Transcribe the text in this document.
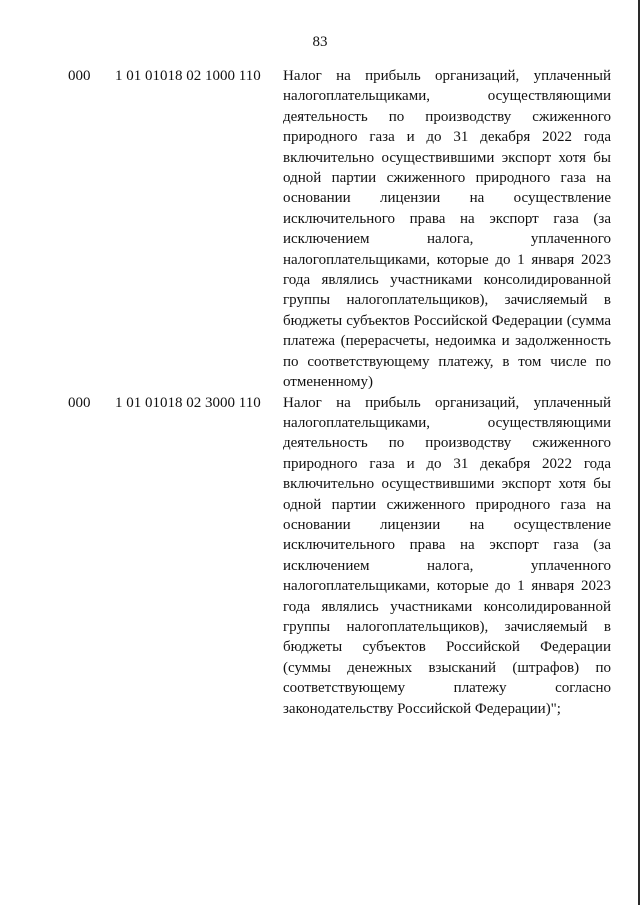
83
000 1 01 01018 02 1000 110 Налог на прибыль организаций, уплаченный налогоплательщиками, осуществляющими деятельность по производству сжиженного природного газа и до 31 декабря 2022 года включительно осуществившими экспорт хотя бы одной партии сжиженного природного газа на основании лицензии на осуществление исключительного права на экспорт газа (за исключением налога, уплаченного налогоплательщиками, которые до 1 января 2023 года являлись участниками консолидированной группы налогоплательщиков), зачисляемый в бюджеты субъектов Российской Федерации (сумма платежа (перерасчеты, недоимка и задолженность по соответствующему платежу, в том числе по отмененному)

000 1 01 01018 02 3000 110 Налог на прибыль организаций, уплаченный налогоплательщиками, осуществляющими деятельность по производству сжиженного природного газа и до 31 декабря 2022 года включительно осуществившими экспорт хотя бы одной партии сжиженного природного газа на основании лицензии на осуществление исключительного права на экспорт газа (за исключением налога, уплаченного налогоплательщиками, которые до 1 января 2023 года являлись участниками консолидированной группы налогоплательщиков), зачисляемый в бюджеты субъектов Российской Федерации (суммы денежных взысканий (штрафов) по соответствующему платежу согласно законодательству Российской Федерации)";
